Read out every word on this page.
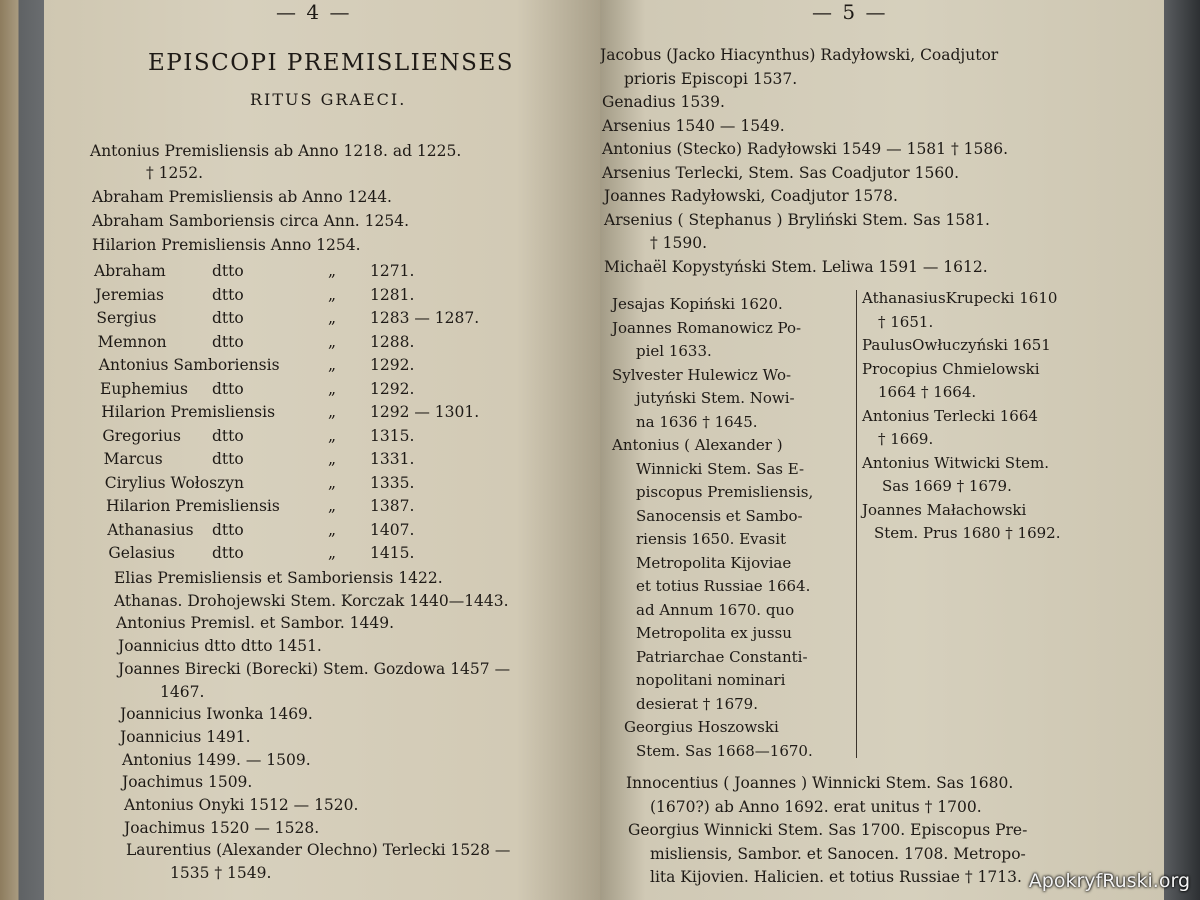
— 4 —
EPISCOPI PREMISLIENSES
RITUS GRAECI.
Antonius Premisliensis ab Anno 1218. ad 1225.
† 1252.
Abraham Premisliensis ab Anno 1244.
Abraham Samboriensis circa Ann. 1254.
Hilarion Premisliensis Anno 1254.
Abraham	dtto	„ 1271.
Jeremias	dtto	„ 1281.
Sergius	dtto	„ 1283 — 1287.
Memnon	dtto	„ 1288.
Antonius Samboriensis	„ 1292.
Euphemius dtto	„ 1292.
Hilarion Premisliensis	„ 1292 — 1301.
Gregorius dtto	„ 1315.
Marcus	dtto	„ 1331.
Cirylius Wołoszyn	„ 1335.
Hilarion Premisliensis	„ 1387.
Athanasius dtto	„ 1407.
Gelasius dtto	„ 1415.
Elias Premisliensis et Samboriensis 1422.
Athanas. Drohojewski Stem. Korczak 1440—1443.
Antonius Premisl. et Sambor. 1449.
Joannicius dtto dtto 1451.
Joannes Birecki (Borecki) Stem. Gozdowa 1457 —
1467.
Joannicius Iwonka 1469.
Joannicius 1491.
Antonius 1499. — 1509.
Joachimus 1509.
Antonius Onyki 1512 — 1520.
Joachimus 1520 — 1528.
Laurentius (Alexander Olechno) Terlecki 1528 —
1535 † 1549.
— 5 —
Jacobus (Jacko Hiacynthus) Radyłowski, Coadjutor
prioris Episcopi 1537.
Genadius 1539.
Arsenius 1540 — 1549.
Antonius (Stecko) Radyłowski 1549 — 1581 † 1586.
Arsenius Terlecki, Stem. Sas Coadjutor 1560.
Joannes Radyłowski, Coadjutor 1578.
Arsenius ( Stephanus ) Bryliński Stem. Sas 1581.
† 1590.
Michaël Kopystyński Stem. Leliwa 1591 — 1612.
Jesajas Kopiński 1620.
Joannes Romanowicz Po-
piel 1633.
Sylvester Hulewicz Wo-
jutyński Stem. Nowi-
na 1636 † 1645.
Antonius ( Alexander )
Winnicki Stem. Sas E-
piscopus Premisliensis,
Sanocensis et Sambo-
riensis 1650. Evasit
Metropolita Kijoviae
et totius Russiae 1664.
ad Annum 1670. quo
Metropolita ex jussu
Patriarchae Constanti-
nopolitani nominari
desierat † 1679.
Georgius Hoszowski
Stem. Sas 1668—1670.
AthanasiusKrupecki 1610
† 1651.
PaulusOwłuczyński 1651
Procopius Chmielowski
1664 † 1664.
Antonius Terlecki 1664
† 1669.
Antonius Witwicki Stem.
Sas 1669 † 1679.
Joannes Małachowski
Stem. Prus 1680 † 1692.
Innocentius ( Joannes ) Winnicki Stem. Sas 1680.
(1670?) ab Anno 1692. erat unitus † 1700.
Georgius Winnicki Stem. Sas 1700. Episcopus Pre-
misliensis, Sambor. et Sanocen. 1708. Metropo-
lita Kijovien. Halicien. et totius Russiae † 1713. ApokryfRuski.org
